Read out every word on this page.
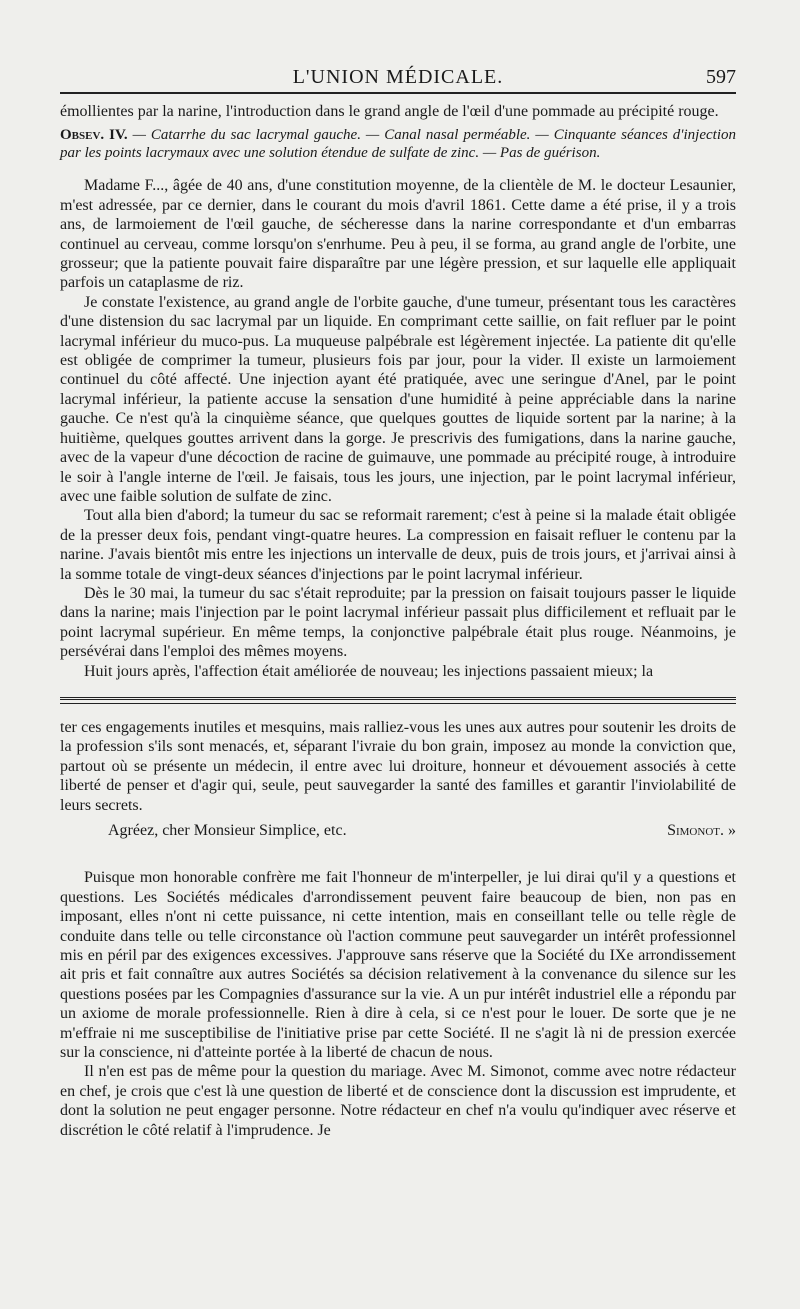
L'UNION MÉDICALE.	597

émollientes par la narine, l'introduction dans le grand angle de l'œil d'une pommade au précipité rouge.

Obsev. IV. — Catarrhe du sac lacrymal gauche. — Canal nasal perméable. — Cinquante séances d'injection par les points lacrymaux avec une solution étendue de sulfate de zinc. — Pas de guérison.

Madame F..., âgée de 40 ans, d'une constitution moyenne, de la clientèle de M. le docteur Lesaunier, m'est adressée, par ce dernier, dans le courant du mois d'avril 1861. Cette dame a été prise, il y a trois ans, de larmoiement de l'œil gauche, de sécheresse dans la narine correspondante et d'un embarras continuel au cerveau, comme lorsqu'on s'enrhume. Peu à peu, il se forma, au grand angle de l'orbite, une grosseur; que la patiente pouvait faire disparaître par une légère pression, et sur laquelle elle appliquait parfois un cataplasme de riz.

Je constate l'existence, au grand angle de l'orbite gauche, d'une tumeur, présentant tous les caractères d'une distension du sac lacrymal par un liquide. En comprimant cette saillie, on fait refluer par le point lacrymal inférieur du muco-pus. La muqueuse palpébrale est légèrement injectée. La patiente dit qu'elle est obligée de comprimer la tumeur, plusieurs fois par jour, pour la vider. Il existe un larmoiement continuel du côté affecté. Une injection ayant été pratiquée, avec une seringue d'Anel, par le point lacrymal inférieur, la patiente accuse la sensation d'une humidité à peine appréciable dans la narine gauche. Ce n'est qu'à la cinquième séance, que quelques gouttes de liquide sortent par la narine; à la huitième, quelques gouttes arrivent dans la gorge. Je prescrivis des fumigations, dans la narine gauche, avec de la vapeur d'une décoction de racine de guimauve, une pommade au précipité rouge, à introduire le soir à l'angle interne de l'œil. Je faisais, tous les jours, une injection, par le point lacrymal inférieur, avec une faible solution de sulfate de zinc.

Tout alla bien d'abord; la tumeur du sac se reformait rarement; c'est à peine si la malade était obligée de la presser deux fois, pendant vingt-quatre heures. La compression en faisait refluer le contenu par la narine. J'avais bientôt mis entre les injections un intervalle de deux, puis de trois jours, et j'arrivai ainsi à la somme totale de vingt-deux séances d'injections par le point lacrymal inférieur.

Dès le 30 mai, la tumeur du sac s'était reproduite; par la pression on faisait toujours passer le liquide dans la narine; mais l'injection par le point lacrymal inférieur passait plus difficilement et refluait par le point lacrymal supérieur. En même temps, la conjonctive palpébrale était plus rouge. Néanmoins, je persévérai dans l'emploi des mêmes moyens.

Huit jours après, l'affection était améliorée de nouveau; les injections passaient mieux; la

ter ces engagements inutiles et mesquins, mais ralliez-vous les unes aux autres pour soutenir les droits de la profession s'ils sont menacés, et, séparant l'ivraie du bon grain, imposez au monde la conviction que, partout où se présente un médecin, il entre avec lui droiture, honneur et dévouement associés à cette liberté de penser et d'agir qui, seule, peut sauvegarder la santé des familles et garantir l'inviolabilité de leurs secrets.

Agréez, cher Monsieur Simplice, etc.	Simonot. »

Puisque mon honorable confrère me fait l'honneur de m'interpeller, je lui dirai qu'il y a questions et questions. Les Sociétés médicales d'arrondissement peuvent faire beaucoup de bien, non pas en imposant, elles n'ont ni cette puissance, ni cette intention, mais en conseillant telle ou telle règle de conduite dans telle ou telle circonstance où l'action commune peut sauvegarder un intérêt professionnel mis en péril par des exigences excessives. J'approuve sans réserve que la Société du IXe arrondissement ait pris et fait connaître aux autres Sociétés sa décision relativement à la convenance du silence sur les questions posées par les Compagnies d'assurance sur la vie. A un pur intérêt industriel elle a répondu par un axiome de morale professionnelle. Rien à dire à cela, si ce n'est pour le louer. De sorte que je ne m'effraie ni me susceptibilise de l'initiative prise par cette Société. Il ne s'agit là ni de pression exercée sur la conscience, ni d'atteinte portée à la liberté de chacun de nous.

Il n'en est pas de même pour la question du mariage. Avec M. Simonot, comme avec notre rédacteur en chef, je crois que c'est là une question de liberté et de conscience dont la discussion est imprudente, et dont la solution ne peut engager personne. Notre rédacteur en chef n'a voulu qu'indiquer avec réserve et discrétion le côté relatif à l'imprudence. Je
